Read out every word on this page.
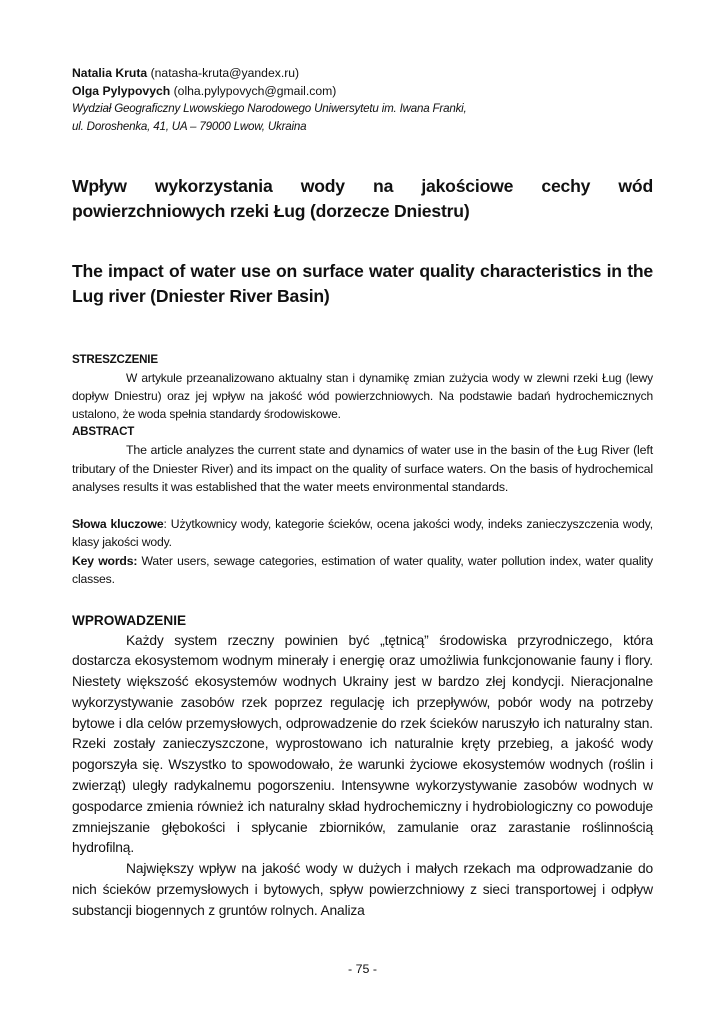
Natalia Kruta (natasha-kruta@yandex.ru)
Olga Pylypovych (olha.pylypovych@gmail.com)
Wydział Geograficzny Lwowskiego Narodowego Uniwersytetu im. Iwana Franki,
ul. Doroshenka, 41, UA – 79000 Lwow, Ukraina
Wpływ wykorzystania wody na jakościowe cechy wód powierzchniowych rzeki Ług (dorzecze Dniestru)
The impact of water use on surface water quality characteristics in the Lug river (Dniester River Basin)
STRESZCZENIE
W artykule przeanalizowano aktualny stan i dynamikę zmian zużycia wody w zlewni rzeki Ług (lewy dopływ Dniestru) oraz jej wpływ na jakość wód powierzchniowych. Na podstawie badań hydrochemicznych ustalono, że woda spełnia standardy środowiskowe.
ABSTRACT
The article analyzes the current state and dynamics of water use in the basin of the Ług River (left tributary of the Dniester River) and its impact on the quality of surface waters. On the basis of hydrochemical analyses results it was established that the water meets environmental standards.
Słowa kluczowe: Użytkownicy wody, kategorie ścieków, ocena jakości wody, indeks zanieczyszczenia wody, klasy jakości wody.
Key words: Water users, sewage categories, estimation of water quality, water pollution index, water quality classes.
WPROWADZENIE

Każdy system rzeczny powinien być „tętnicą” środowiska przyrodniczego, która dostarcza ekosystemom wodnym minerały i energię oraz umożliwia funkcjonowanie fauny i flory. Niestety większość ekosystemów wodnych Ukrainy jest w bardzo złej kondycji. Nieracjonalne wykorzystywanie zasobów rzek poprzez regulację ich przepływów, pobór wody na potrzeby bytowe i dla celów przemysłowych, odprowadzenie do rzek ścieków naruszyło ich naturalny stan. Rzeki zostały zanieczyszczone, wyprostowano ich naturalnie kręty przebieg, a jakość wody pogorszyła się. Wszystko to spowodowało, że warunki życiowe ekosystemów wodnych (roślin i zwierząt) uległy radykalnemu pogorszeniu. Intensywne wykorzystywanie zasobów wodnych w gospodarce zmienia również ich naturalny skład hydrochemiczny i hydrobiologiczny co powoduje zmniejszanie głębokości i spłycanie zbiorników, zamulanie oraz zarastanie roślinnością hydrofilną.

Największy wpływ na jakość wody w dużych i małych rzekach ma odprowadzanie do nich ścieków przemysłowych i bytowych, spływ powierzchniowy z sieci transportowej i odpływ substancji biogennych z gruntów rolnych. Analiza

- 75 -
